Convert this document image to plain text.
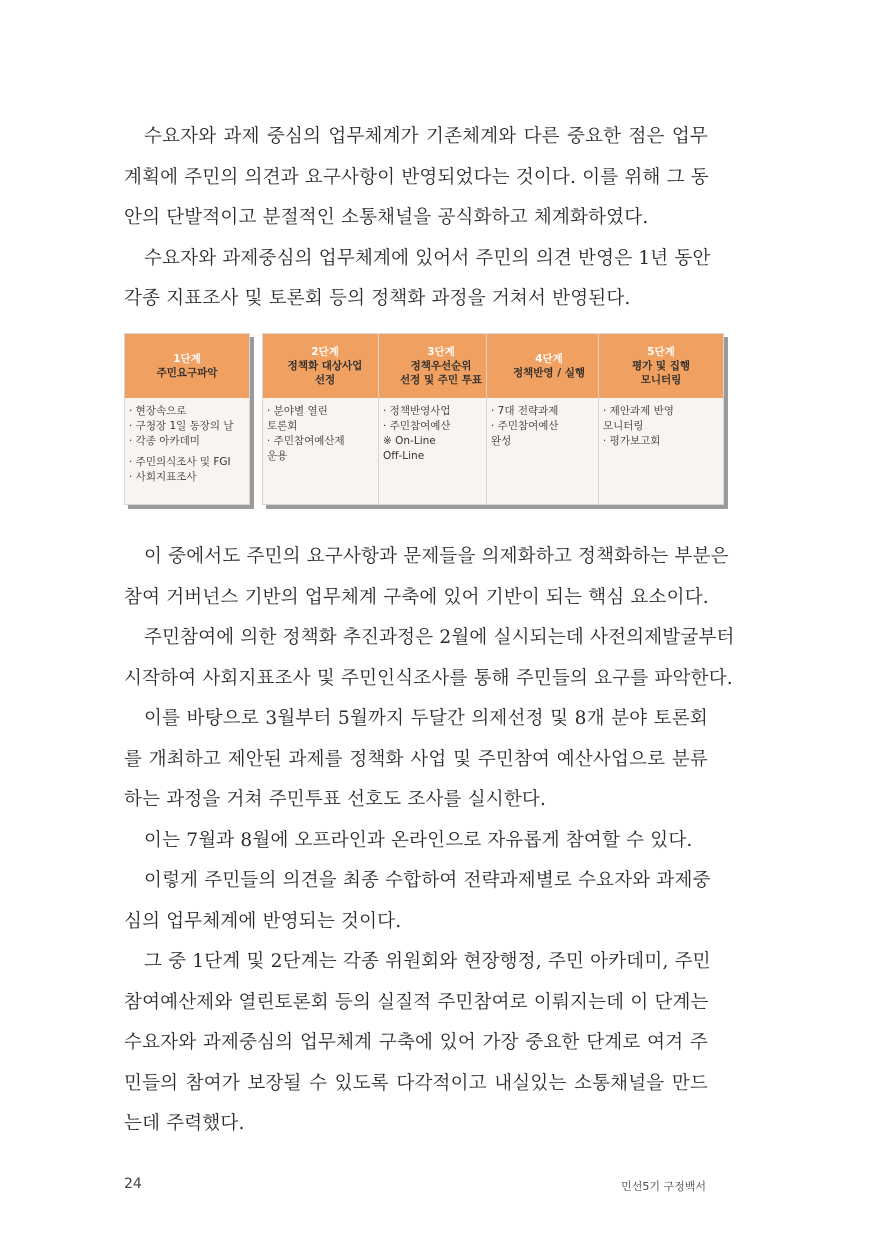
수요자와 과제 중심의 업무체계가 기존체계와 다른 중요한 점은 업무
계획에 주민의 의견과 요구사항이 반영되었다는 것이다. 이를 위해 그 동
안의 단발적이고 분절적인 소통채널을 공식화하고 체계화하였다.
수요자와 과제중심의 업무체계에 있어서 주민의 의견 반영은 1년 동안
각종 지표조사 및 토론회 등의 정책화 과정을 거쳐서 반영된다.

1단계
주민요구파악
· 현장속으로
· 구청장 1일 동장의 날
· 각종 아카데미
· 주민의식조사 및 FGI
· 사회지표조사
2단계
정책화 대상사업
선정
· 분야별 열린
토론회
· 주민참여예산제
운용
3단계
정책우선순위
선정 및 주민 투표
· 정책반영사업
· 주민참여예산
※ On-Line
Off-Line
4단계
정책반영 / 실행
· 7대 전략과제
· 주민참여예산
완성
5단계
평가 및 집행
모니터링
· 제안과제 반영
모니터링
· 평가보고회

이 중에서도 주민의 요구사항과 문제들을 의제화하고 정책화하는 부분은
참여 거버넌스 기반의 업무체계 구축에 있어 기반이 되는 핵심 요소이다.
주민참여에 의한 정책화 추진과정은 2월에 실시되는데 사전의제발굴부터
시작하여 사회지표조사 및 주민인식조사를 통해 주민들의 요구를 파악한다.
이를 바탕으로 3월부터 5월까지 두달간 의제선정 및 8개 분야 토론회
를 개최하고 제안된 과제를 정책화 사업 및 주민참여 예산사업으로 분류
하는 과정을 거쳐 주민투표 선호도 조사를 실시한다.
이는 7월과 8월에 오프라인과 온라인으로 자유롭게 참여할 수 있다.
이렇게 주민들의 의견을 최종 수합하여 전략과제별로 수요자와 과제중
심의 업무체계에 반영되는 것이다.
그 중 1단계 및 2단계는 각종 위원회와 현장행정, 주민 아카데미, 주민
참여예산제와 열린토론회 등의 실질적 주민참여로 이뤄지는데 이 단계는
수요자와 과제중심의 업무체계 구축에 있어 가장 중요한 단계로 여겨 주
민들의 참여가 보장될 수 있도록 다각적이고 내실있는 소통채널을 만드
는데 주력했다.

24	민선5기 구정백서
